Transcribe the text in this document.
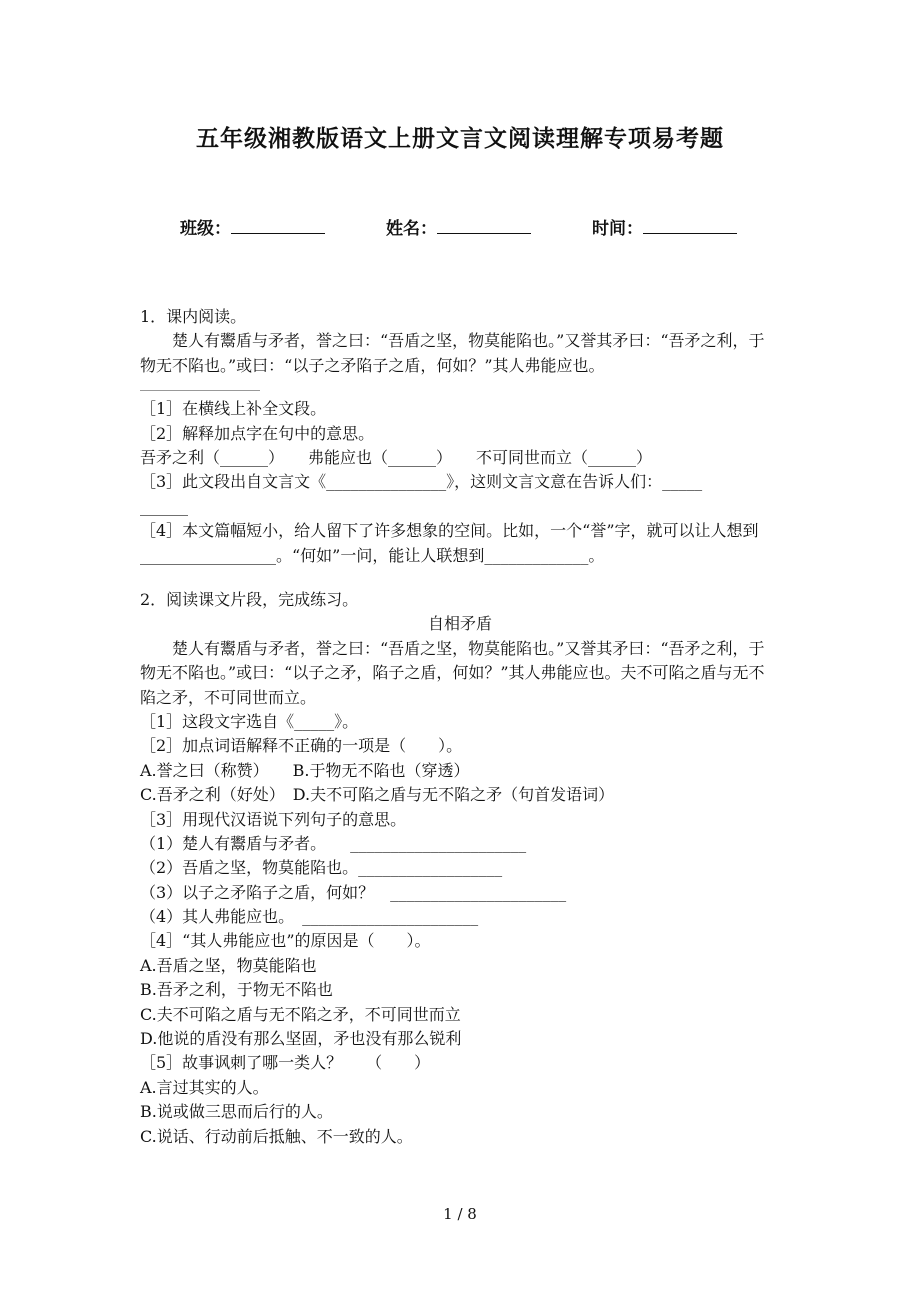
五年级湘教版语文上册文言文阅读理解专项易考题
班级：	姓名：	时间：
1．课内阅读。
楚人有鬻盾与矛者，誉之曰：“吾盾之坚，物莫能陷也。”又誉其矛曰：“吾矛之利，于物无不陷也。”或曰：“以子之矛陷子之盾，何如？”其人弗能应也。
［1］在横线上补全文段。
［2］解释加点字在句中的意思。
吾矛之利（______）　　弗能应也（______）　　不可同世而立（______）
［3］此文段出自文言文《_______________》，这则文言文意在告诉人们：_____
______
［4］本文篇幅短小，给人留下了许多想象的空间。比如，一个“誉”字，就可以让人想到_________________。“何如”一问，能让人联想到_____________。
2．阅读课文片段，完成练习。
自相矛盾
楚人有鬻盾与矛者，誉之曰：“吾盾之坚，物莫能陷也。”又誉其矛曰：“吾矛之利，于物无不陷也。”或曰：“以子之矛，陷子之盾，何如？”其人弗能应也。夫不可陷之盾与无不陷之矛，不可同世而立。
［1］这段文字选自《_____》。
［2］加点词语解释不正确的一项是（　　）。
A.誉之曰（称赞）　　B.于物无不陷也（穿透）
C.吾矛之利（好处）　D.夫不可陷之盾与无不陷之矛（句首发语词）
［3］用现代汉语说下列句子的意思。
（1）楚人有鬻盾与矛者。　　______________________
（2）吾盾之坚，物莫能陷也。__________________
（3）以子之矛陷子之盾，何如？　______________________
（4）其人弗能应也。　______________________
［4］“其人弗能应也”的原因是（　　）。
A.吾盾之坚，物莫能陷也
B.吾矛之利，于物无不陷也
C.夫不可陷之盾与无不陷之矛，不可同世而立
D.他说的盾没有那么坚固，矛也没有那么锐利
［5］故事讽刺了哪一类人？　　（　　）
A.言过其实的人。
B.说或做三思而后行的人。
C.说话、行动前后抵触、不一致的人。
1 / 8
